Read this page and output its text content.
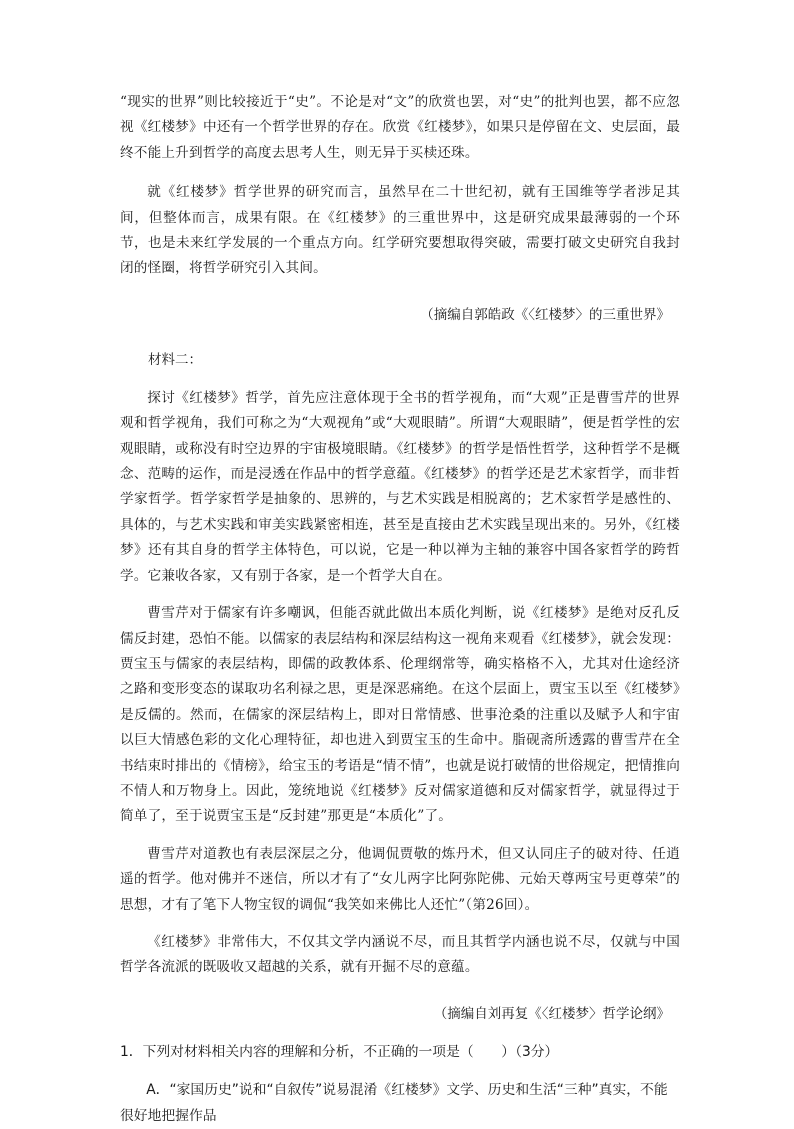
“现实的世界”则比较接近于“史”。不论是对“文”的欣赏也罢，对“史”的批判也罢，都不应忽视《红楼梦》中还有一个哲学世界的存在。欣赏《红楼梦》，如果只是停留在文、史层面，最终不能上升到哲学的高度去思考人生，则无异于买椟还珠。

就《红楼梦》哲学世界的研究而言，虽然早在二十世纪初，就有王国维等学者涉足其间，但整体而言，成果有限。在《红楼梦》的三重世界中，这是研究成果最薄弱的一个环节，也是未来红学发展的一个重点方向。红学研究要想取得突破，需要打破文史研究自我封闭的怪圈，将哲学研究引入其间。

（摘编自郭皓政《〈红楼梦〉的三重世界》
材料二：

探讨《红楼梦》哲学，首先应注意体现于全书的哲学视角，而“大观”正是曹雪芹的世界观和哲学视角，我们可称之为“大观视角”或“大观眼睛”。所谓“大观眼睛”，便是哲学性的宏观眼睛，或称没有时空边界的宇宙极境眼睛。《红楼梦》的哲学是悟性哲学，这种哲学不是概念、范畴的运作，而是浸透在作品中的哲学意蕴。《红楼梦》的哲学还是艺术家哲学，而非哲学家哲学。哲学家哲学是抽象的、思辨的，与艺术实践是相脱离的；艺术家哲学是感性的、具体的，与艺术实践和审美实践紧密相连，甚至是直接由艺术实践呈现出来的。另外，《红楼梦》还有其自身的哲学主体特色，可以说，它是一种以禅为主轴的兼容中国各家哲学的跨哲学。它兼收各家，又有别于各家，是一个哲学大自在。

曹雪芹对于儒家有许多嘲讽，但能否就此做出本质化判断，说《红楼梦》是绝对反孔反儒反封建，恐怕不能。以儒家的表层结构和深层结构这一视角来观看《红楼梦》，就会发现：贾宝玉与儒家的表层结构，即儒的政教体系、伦理纲常等，确实格格不入，尤其对仕途经济之路和变形变态的谋取功名利禄之思，更是深恶痛绝。在这个层面上，贾宝玉以至《红楼梦》是反儒的。然而，在儒家的深层结构上，即对日常情感、世事沧桑的注重以及赋予人和宇宙以巨大情感色彩的文化心理特征，却也进入到贾宝玉的生命中。脂砚斋所透露的曹雪芹在全书结束时排出的《情榜》，给宝玉的考语是“情不情”，也就是说打破情的世俗规定，把情推向不情人和万物身上。因此，笼统地说《红楼梦》反对儒家道德和反对儒家哲学，就显得过于简单了，至于说贾宝玉是“反封建”那更是“本质化”了。

曹雪芹对道教也有表层深层之分，他调侃贾敬的炼丹术，但又认同庄子的破对待、任逍遥的哲学。他对佛并不迷信，所以才有了“女儿两字比阿弥陀佛、元始天尊两宝号更尊荣”的思想，才有了笔下人物宝钗的调侃“我笑如来佛比人还忙”（第26回）。

《红楼梦》非常伟大，不仅其文学内涵说不尽，而且其哲学内涵也说不尽，仅就与中国哲学各流派的既吸收又超越的关系，就有开掘不尽的意蕴。

（摘编自刘再复《〈红楼梦〉哲学论纲》
1．下列对材料相关内容的理解和分析，不正确的一项是（　　）（3分）
A．“家国历史”说和“自叙传”说易混淆《红楼梦》文学、历史和生活“三种”真实，不能很好地把握作品
